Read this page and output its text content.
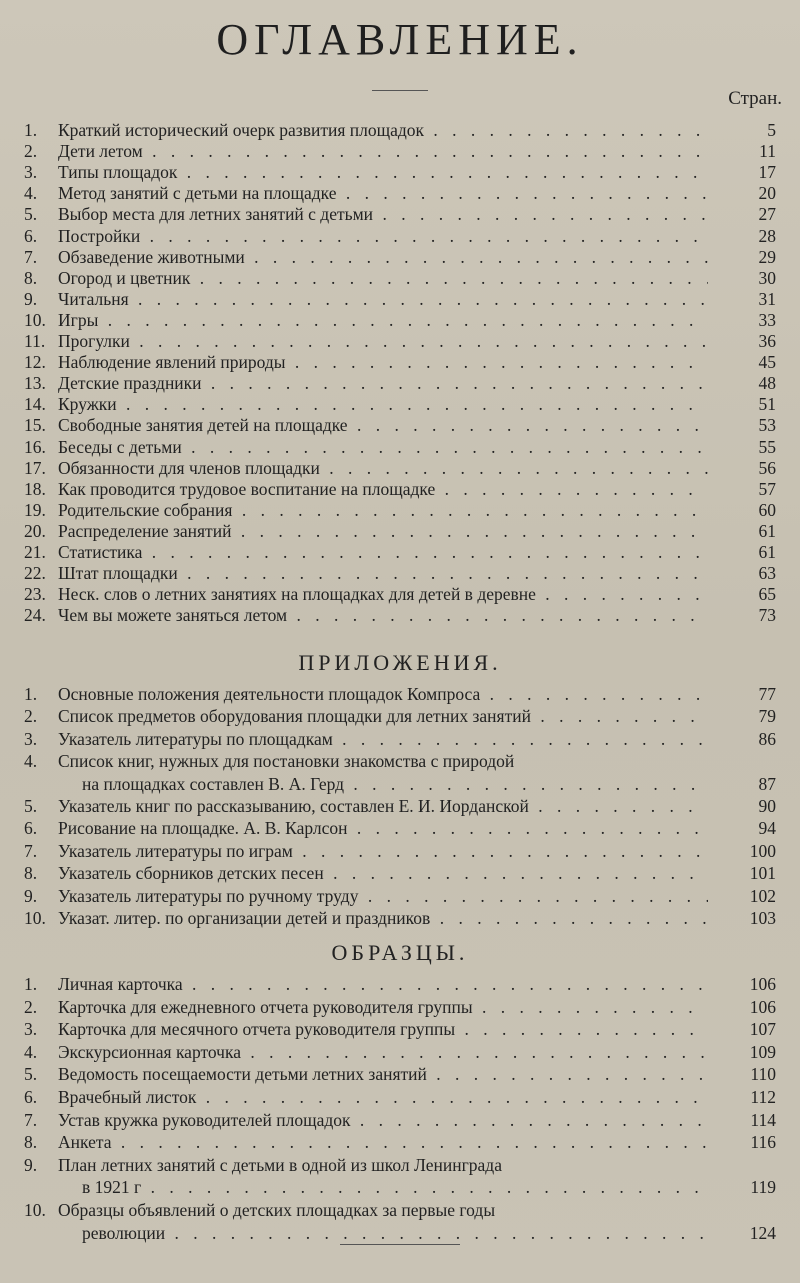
ОГЛАВЛЕНИЕ.
Стран.
1.	Краткий исторический очерк развития площадок . . .	5
2.	Дети летом . . .	11
3.	Типы площадок . . .	17
4.	Метод занятий с детьми на площадке . . .	20
5.	Выбор места для летних занятий с детьми . . .	27
6.	Постройки . . .	28
7.	Обзаведение животными . . .	29
8.	Огород и цветник . . .	30
9.	Читальня . . .	31
10. Игры . . .	33
11. Прогулки . . .	36
12. Наблюдение явлений природы . . .	45
13. Детские праздники . . .	48
14. Кружки . . .	51
15. Свободные занятия детей на площадке . . .	53
16. Беседы с детьми . . .	55
17. Обязанности для членов площадки . . .	56
18. Как проводится трудовое воспитание на площадке . . .	57
19. Родительские собрания . . .	60
20. Распределение занятий . . .	61
21. Статистика . . .	61
22. Штат площадки . . .	63
23. Неск. слов о летних занятиях на площадках для детей в деревне . . .	65
24. Чем вы можете заняться летом . . .	73
ПРИЛОЖЕНИЯ.
1.	Основные положения деятельности площадок Компроса . . .	77
2.	Список предметов оборудования площадки для летних занятий . . .	79
3.	Указатель литературы по площадкам . . .	86
4.	Список книг, нужных для постановки знакомства с природой
на площадках составлен В. А. Герд . . .	87
5.	Указатель книг по рассказыванию, составлен Е. И. Иорданской . . .	90
6.	Рисование на площадке. А. В. Карлсон . . .	94
7.	Указатель литературы по играм . . .	100
8.	Указатель сборников детских песен . . .	101
9.	Указатель литературы по ручному труду . . .	102
10. Указат. литер. по организации детей и праздников . . .	103
ОБРАЗЦЫ.
1.	Личная карточка . . .	106
2.	Карточка для ежедневного отчета руководителя группы . . .	106
3.	Карточка для месячного отчета руководителя группы . . .	107
4.	Экскурсионная карточка . . .	109
5.	Ведомость посещаемости детьми летних занятий . . .	110
6.	Врачебный листок . . .	112
7.	Устав кружка руководителей площадок . . .	114
8.	Анкета . . .	116
9.	План летних занятий с детьми в одной из школ Ленинграда
в 1921 г . . .	119
10. Образцы объявлений о детских площадках за первые годы
революции . . .	124
